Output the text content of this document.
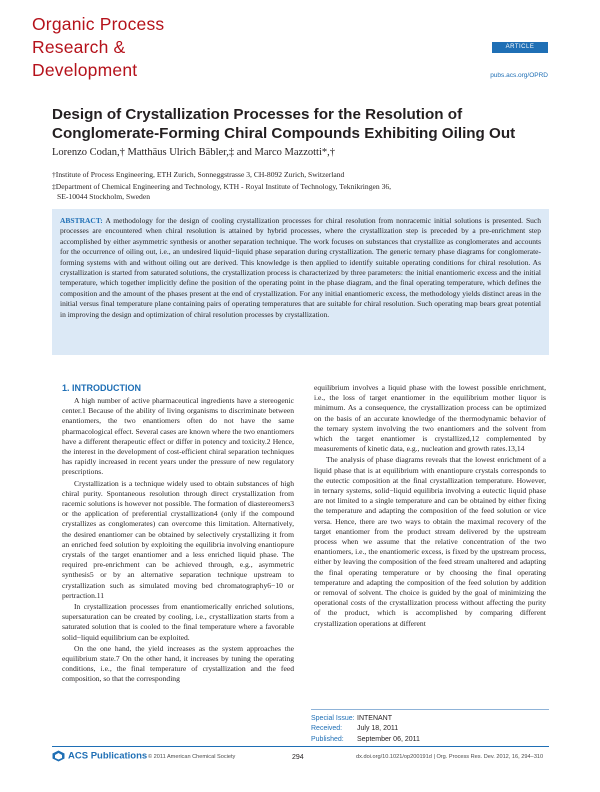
Organic Process
Research &
Development
ARTICLE
pubs.acs.org/OPRD
Design of Crystallization Processes for the Resolution of Conglomerate-Forming Chiral Compounds Exhibiting Oiling Out
Lorenzo Codan,† Matthäus Ulrich Bäbler,‡ and Marco Mazzotti*,†
†Institute of Process Engineering, ETH Zurich, Sonneggstrasse 3, CH-8092 Zurich, Switzerland
‡Department of Chemical Engineering and Technology, KTH - Royal Institute of Technology, Teknikringen 36,
SE-10044 Stockholm, Sweden
ABSTRACT: A methodology for the design of cooling crystallization processes for chiral resolution from nonracemic initial solutions is presented. Such processes are encountered when chiral resolution is attained by hybrid processes, where the crystallization step is preceded by a pre-enrichment step accomplished by either asymmetric synthesis or another separation technique. The work focuses on substances that crystallize as conglomerates and accounts for the occurrence of oiling out, i.e., an undesired liquid−liquid phase separation during crystallization. The generic ternary phase diagrams for conglomerate-forming systems with and without oiling out are derived. This knowledge is then applied to identify suitable operating conditions for chiral resolution. As crystallization is started from saturated solutions, the crystallization process is characterized by three parameters: the initial enantiomeric excess and the initial temperature, which together implicitly define the position of the operating point in the phase diagram, and the final operating temperature, which defines the composition and the amount of the phases present at the end of crystallization. For any initial enantiomeric excess, the methodology yields distinct areas in the initial versus final temperature plane containing pairs of operating temperatures that are suitable for chiral resolution. Such operating map bears great potential in improving the design and optimization of chiral resolution processes by crystallization.
1. INTRODUCTION

A high number of active pharmaceutical ingredients have a stereogenic center.1 Because of the ability of living organisms to discriminate between enantiomers, the two enantiomers often do not have the same pharmacological effect. Several cases are known where the two enantiomers have a different therapeutic effect or differ in potency and toxicity.2 Hence, the interest in the development of cost-efficient chiral separation techniques has rapidly increased in recent years under the pressure of new regulatory prescriptions.

Crystallization is a technique widely used to obtain substances of high chiral purity. Spontaneous resolution through direct crystallization from racemic solutions is however not possible. The formation of diastereomers3 or the application of preferential crystallization4 (only if the compound crystallizes as conglomerates) can overcome this limitation. Alternatively, the desired enantiomer can be obtained by selectively crystallizing it from an enriched feed solution by exploiting the equilibria involving enantiopure crystals of the target enantiomer and a less enriched liquid phase. The required pre-enrichment can be achieved through, e.g., asymmetric synthesis5 or by an alternative separation technique upstream to crystallization such as simulated moving bed chromatography6−10 or pertraction.11

In crystallization processes from enantiomerically enriched solutions, supersaturation can be created by cooling, i.e., crystallization starts from a saturated solution that is cooled to the final temperature where a favorable solid−liquid equilibrium can be exploited.

On the one hand, the yield increases as the system approaches the equilibrium state.7 On the other hand, it increases by tuning the operating conditions, i.e., the final temperature of crystallization and the feed composition, so that the corresponding

equilibrium involves a liquid phase with the lowest possible enrichment, i.e., the loss of target enantiomer in the equilibrium mother liquor is minimum. As a consequence, the crystallization process can be optimized on the basis of an accurate knowledge of the thermodynamic behavior of the ternary system involving the two enantiomers and the solvent from which the target enantiomer is crystallized,12 complemented by measurements of kinetic data, e.g., nucleation and growth rates.13,14

The analysis of phase diagrams reveals that the lowest enrichment of a liquid phase that is at equilibrium with enantiopure crystals corresponds to the eutectic composition at the final crystallization temperature. However, in ternary systems, solid−liquid equilibria involving a eutectic liquid phase are not limited to a single temperature and can be obtained by either fixing the temperature and adapting the composition of the feed solution or vice versa. Hence, there are two ways to obtain the maximal recovery of the target enantiomer from the product stream delivered by the upstream process when we assume that the relative concentration of the two enantiomers, i.e., the enantiomeric excess, is fixed by the upstream process, either by leaving the composition of the feed stream unaltered and adapting the final operating temperature or by choosing the final operating temperature and adapting the composition of the feed solution by addition or removal of solvent. The choice is guided by the goal of minimizing the operational costs of the crystallization process without affecting the purity of the product, which is accomplished by comparing different crystallization operations at different

Special Issue: INTENANT
Received: July 18, 2011
Published: September 06, 2011
ACS Publications © 2011 American Chemical Society	294	dx.doi.org/10.1021/op200191d | Org. Process Res. Dev. 2012, 16, 294−310
